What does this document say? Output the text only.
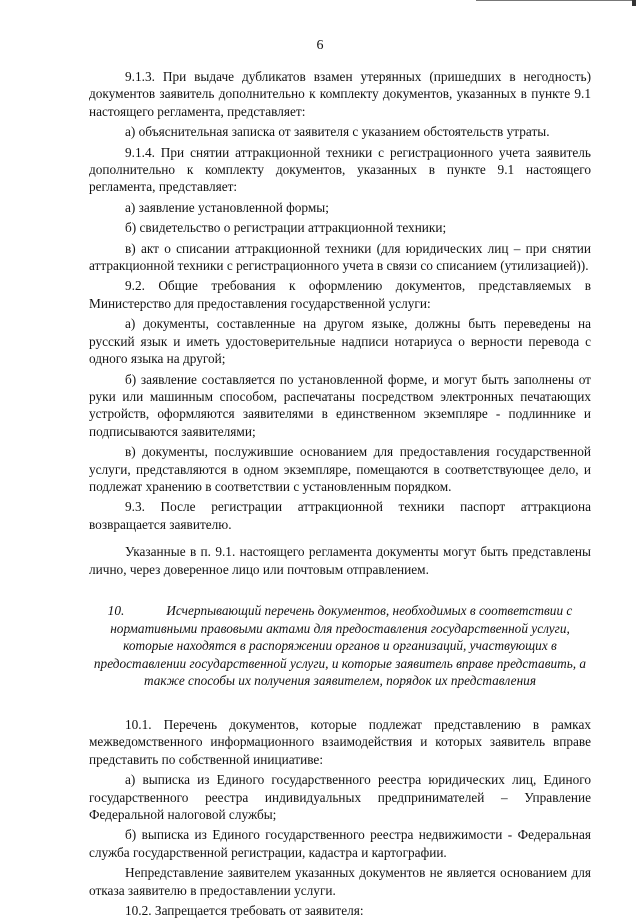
6

9.1.3. При выдаче дубликатов взамен утерянных (пришедших в негодность) документов заявитель дополнительно к комплекту документов, указанных в пункте 9.1 настоящего регламента, представляет:

а) объяснительная записка от заявителя с указанием обстоятельств утраты.

9.1.4. При снятии аттракционной техники с регистрационного учета заявитель дополнительно к комплекту документов, указанных в пункте 9.1 настоящего регламента, представляет:

а) заявление установленной формы;

б) свидетельство о регистрации аттракционной техники;

в) акт о списании аттракционной техники (для юридических лиц – при снятии аттракционной техники с регистрационного учета в связи со списанием (утилизацией)).

9.2. Общие требования к оформлению документов, представляемых в Министерство для предоставления государственной услуги:

а) документы, составленные на другом языке, должны быть переведены на русский язык и иметь удостоверительные надписи нотариуса о верности перевода с одного языка на другой;

б) заявление составляется по установленной форме, и могут быть заполнены от руки или машинным способом, распечатаны посредством электронных печатающих устройств, оформляются заявителями в единственном экземпляре - подлиннике и подписываются заявителями;

в) документы, послужившие основанием для предоставления государственной услуги, представляются в одном экземпляре, помещаются в соответствующее дело, и подлежат хранению в соответствии с установленным порядком.

9.3. После регистрации аттракционной техники паспорт аттракциона возвращается заявителю.

Указанные в п. 9.1. настоящего регламента документы могут быть представлены лично, через доверенное лицо или почтовым отправлением.

10.	Исчерпывающий перечень документов, необходимых в соответствии с нормативными правовыми актами для предоставления государственной услуги, которые находятся в распоряжении органов и организаций, участвующих в предоставлении государственной услуги, и которые заявитель вправе представить, а также способы их получения заявителем, порядок их представления

10.1. Перечень документов, которые подлежат представлению в рамках межведомственного информационного взаимодействия и которых заявитель вправе представить по собственной инициативе:

а) выписка из Единого государственного реестра юридических лиц, Единого государственного реестра индивидуальных предпринимателей – Управление Федеральной налоговой службы;

б) выписка из Единого государственного реестра недвижимости - Федеральная служба государственной регистрации, кадастра и картографии.

Непредставление заявителем указанных документов не является основанием для отказа заявителю в предоставлении услуги.

10.2. Запрещается требовать от заявителя:
